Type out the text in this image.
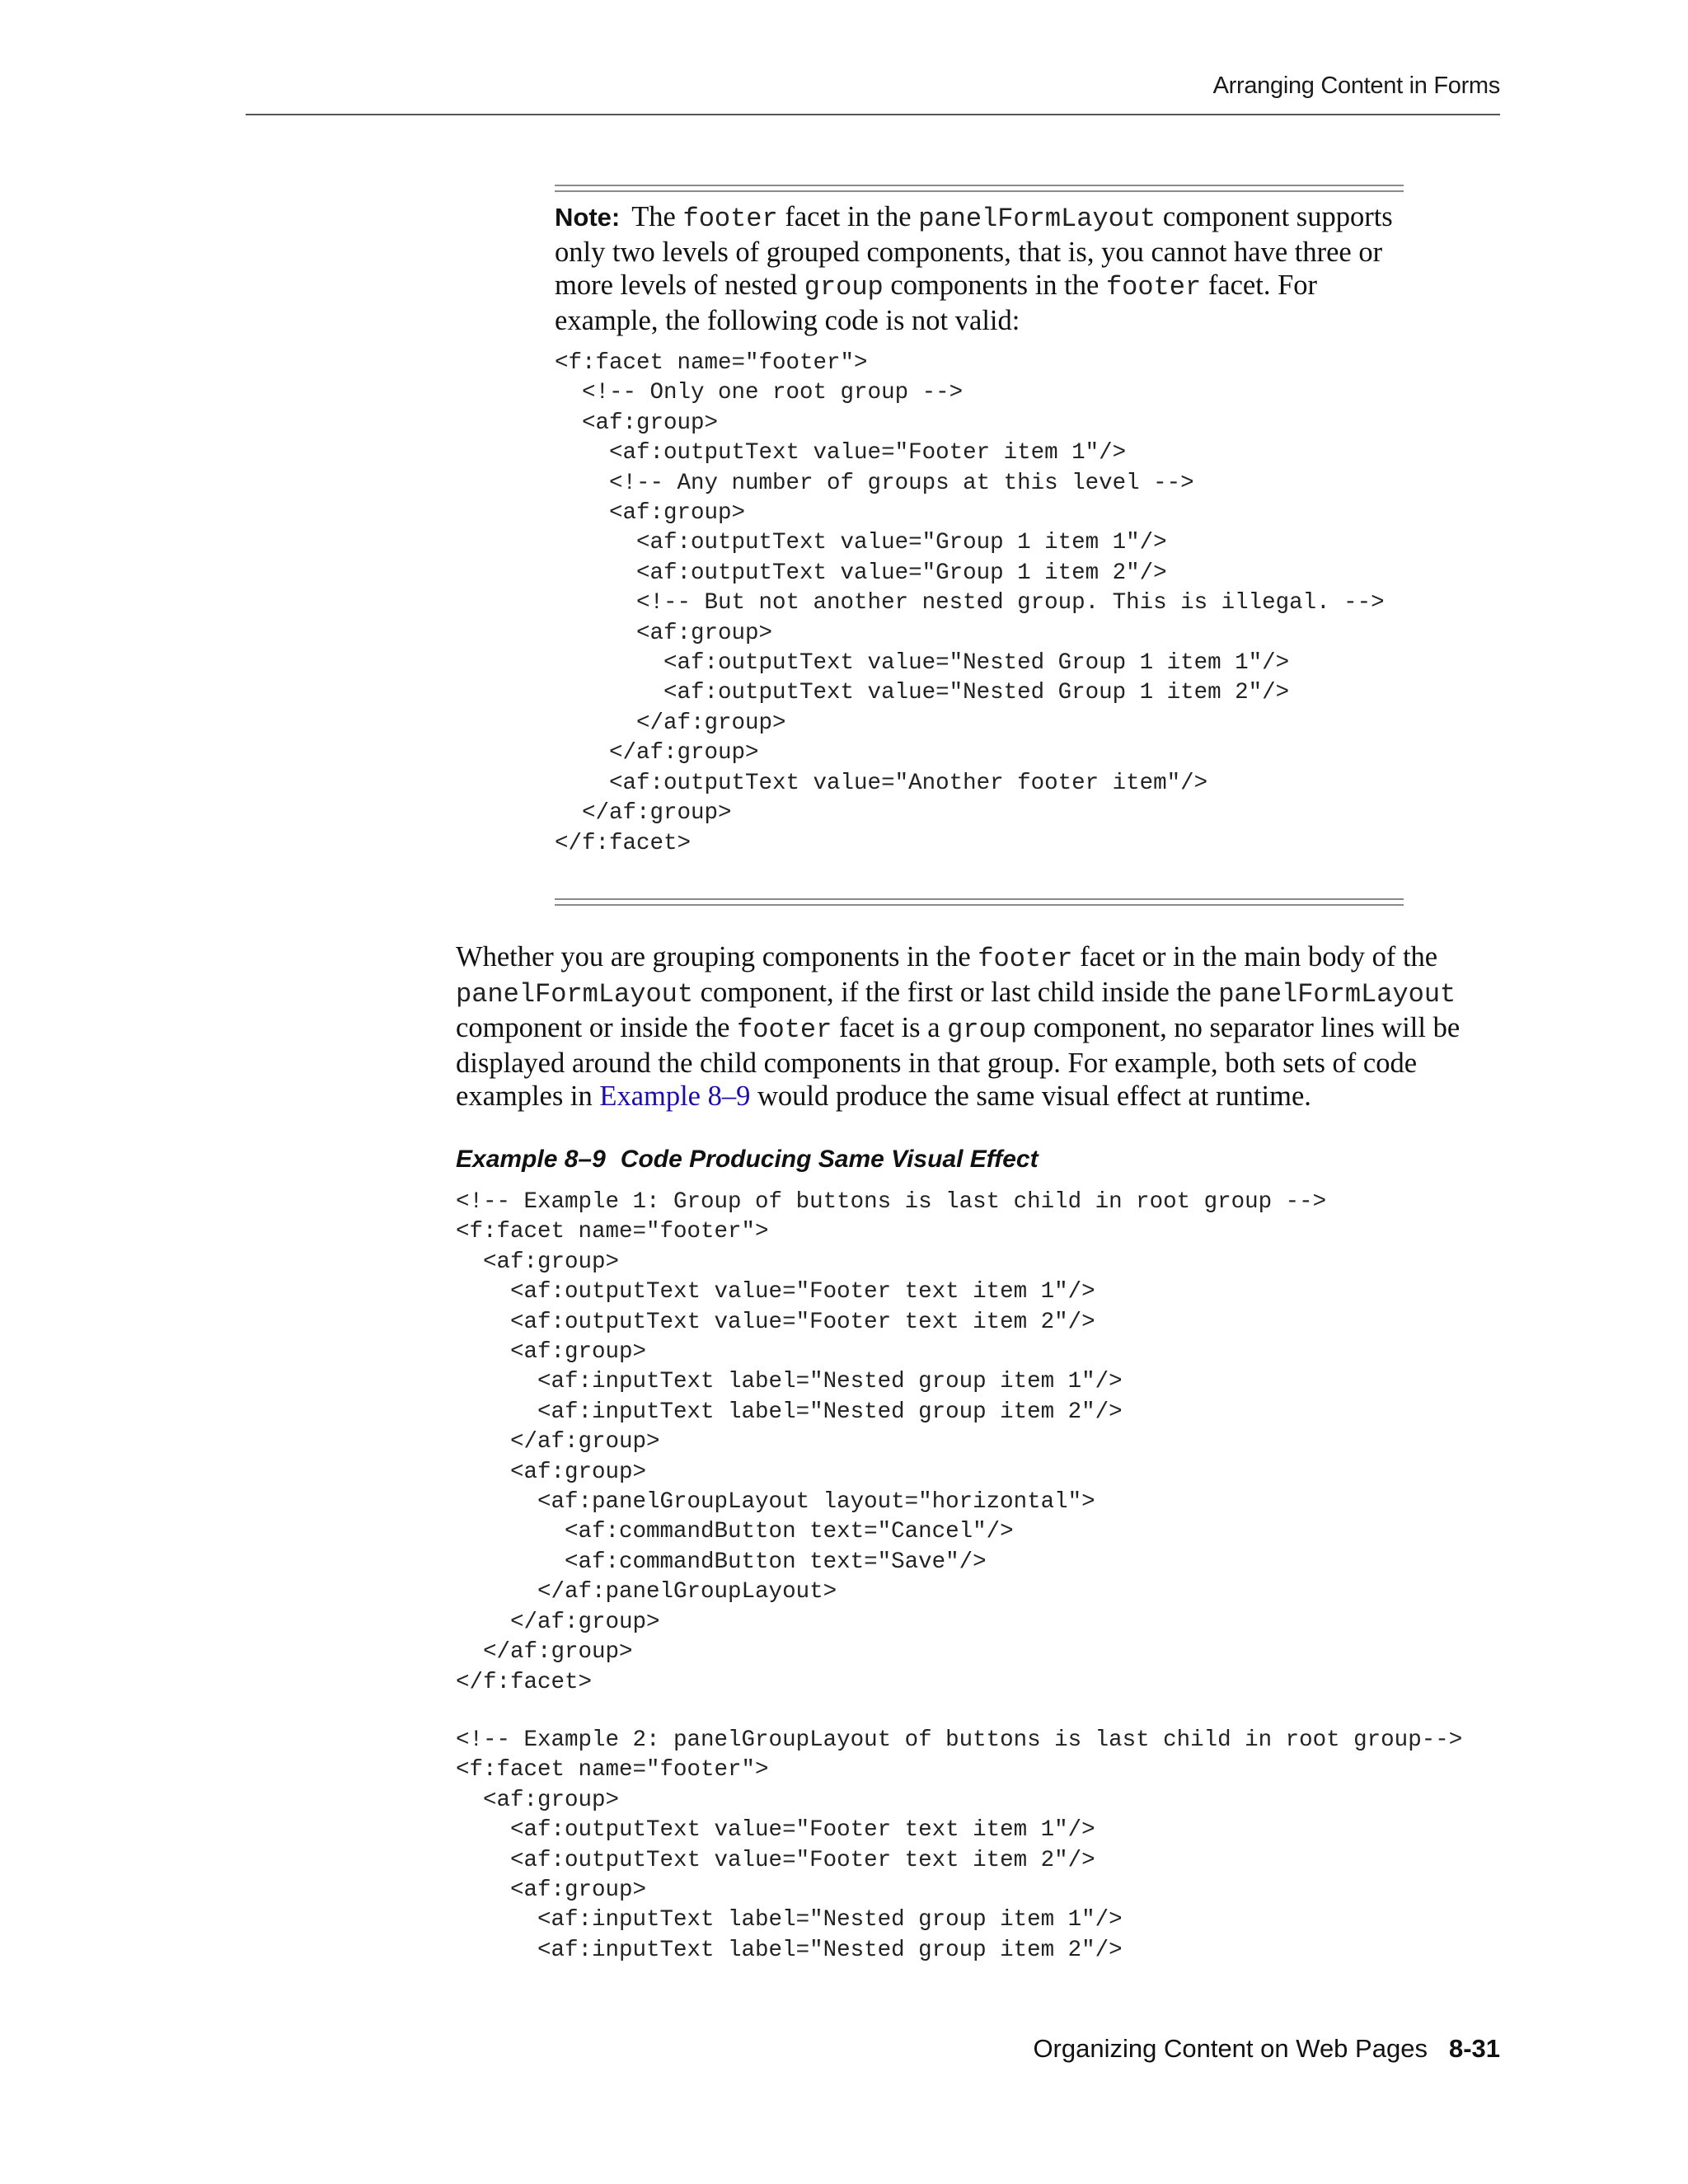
Arranging Content in Forms

Note: The footer facet in the panelFormLayout component supports only two levels of grouped components, that is, you cannot have three or more levels of nested group components in the footer facet. For example, the following code is not valid:

<f:facet name="footer">
<!-- Only one root group -->
<af:group>
<af:outputText value="Footer item 1"/>
<!-- Any number of groups at this level -->
<af:group>
<af:outputText value="Group 1 item 1"/>
<af:outputText value="Group 1 item 2"/>
<!-- But not another nested group. This is illegal. -->
<af:group>
<af:outputText value="Nested Group 1 item 1"/>
<af:outputText value="Nested Group 1 item 2"/>
</af:group>
</af:group>
<af:outputText value="Another footer item"/>
</af:group>
</f:facet>

Whether you are grouping components in the footer facet or in the main body of the panelFormLayout component, if the first or last child inside the panelFormLayout component or inside the footer facet is a group component, no separator lines will be displayed around the child components in that group. For example, both sets of code examples in Example 8–9 would produce the same visual effect at runtime.

Example 8–9 Code Producing Same Visual Effect

<!-- Example 1: Group of buttons is last child in root group -->
<f:facet name="footer">
<af:group>
<af:outputText value="Footer text item 1"/>
<af:outputText value="Footer text item 2"/>
<af:group>
<af:inputText label="Nested group item 1"/>
<af:inputText label="Nested group item 2"/>
</af:group>
<af:group>
<af:panelGroupLayout layout="horizontal">
<af:commandButton text="Cancel"/>
<af:commandButton text="Save"/>
</af:panelGroupLayout>
</af:group>
</af:group>
</f:facet>
<!-- Example 2: panelGroupLayout of buttons is last child in root group-->
<f:facet name="footer">
<af:group>
<af:outputText value="Footer text item 1"/>
<af:outputText value="Footer text item 2"/>
<af:group>
<af:inputText label="Nested group item 1"/>
<af:inputText label="Nested group item 2"/>
Organizing Content on Web Pages 8-31
